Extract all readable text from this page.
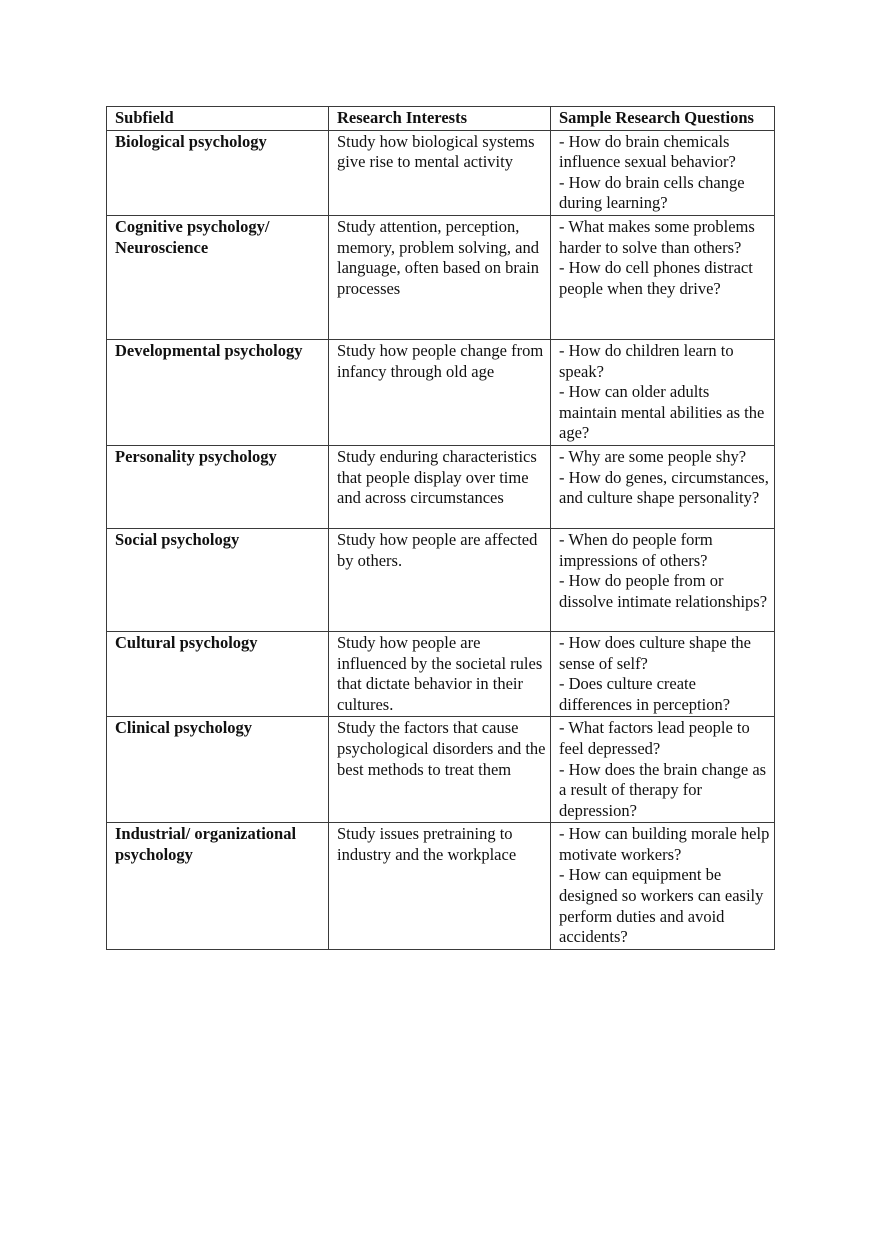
Subfield	Research Interests	Sample Research Questions
Biological psychology	Study how biological systems give rise to mental activity	- How do brain chemicals influence sexual behavior?
- How do brain cells change during learning?

Cognitive psychology/ Neuroscience	Study attention, perception, memory, problem solving, and language, often based on brain processes	- What makes some problems harder to solve than others?
- How do cell phones distract people when they drive?

Developmental psychology	Study how people change from infancy through old age	- How do children learn to speak?
- How can older adults maintain mental abilities as the age?

Personality psychology	Study enduring characteristics that people display over time and across circumstances	- Why are some people shy?
- How do genes, circumstances, and culture shape personality?

Social psychology	Study how people are affected by others.	- When do people form impressions of others?
- How do people from or dissolve intimate relationships?

Cultural psychology	Study how people are influenced by the societal rules that dictate behavior in their cultures.	- How does culture shape the sense of self?
- Does culture create differences in perception?

Clinical psychology	Study the factors that cause psychological disorders and the best methods to treat them	- What factors lead people to feel depressed?
- How does the brain change as a result of therapy for depression?

Industrial/ organizational psychology	Study issues pretraining to industry and the workplace	- How can building morale help motivate workers?
- How can equipment be designed so workers can easily perform duties and avoid accidents?
